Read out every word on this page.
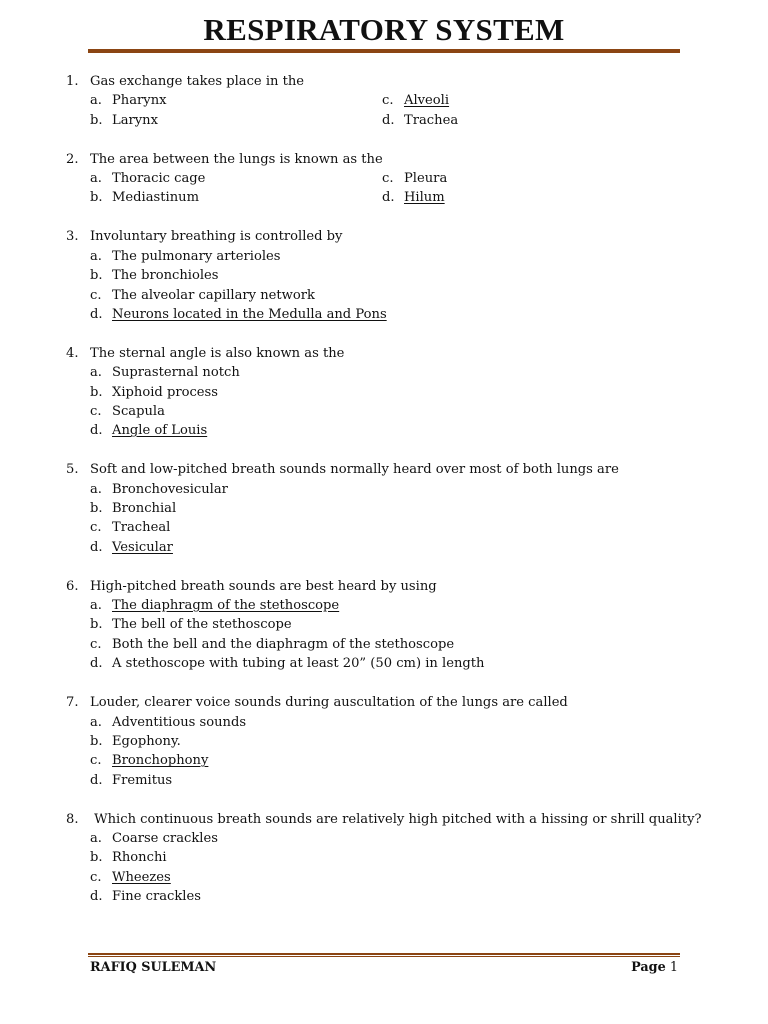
RESPIRATORY SYSTEM
1. Gas exchange takes place in the
a. Pharynx
b. Larynx
c. Alveoli
d. Trachea
2. The area between the lungs is known as the
a. Thoracic cage
b. Mediastinum
c. Pleura
d. Hilum
3. Involuntary breathing is controlled by
a. The pulmonary arterioles
b. The bronchioles
c. The alveolar capillary network
d. Neurons located in the Medulla and Pons
4. The sternal angle is also known as the
a. Suprasternal notch
b. Xiphoid process
c. Scapula
d. Angle of Louis
5. Soft and low-pitched breath sounds normally heard over most of both lungs are
a. Bronchovesicular
b. Bronchial
c. Tracheal
d. Vesicular
6. High-pitched breath sounds are best heard by using
a. The diaphragm of the stethoscope
b. The bell of the stethoscope
c. Both the bell and the diaphragm of the stethoscope
d. A stethoscope with tubing at least 20” (50 cm) in length
7. Louder, clearer voice sounds during auscultation of the lungs are called
a. Adventitious sounds
b. Egophony.
c. Bronchophony
d. Fremitus
8. Which continuous breath sounds are relatively high pitched with a hissing or shrill quality?
a. Coarse crackles
b. Rhonchi
c. Wheezes
d. Fine crackles
RAFIQ SULEMAN	Page 1
